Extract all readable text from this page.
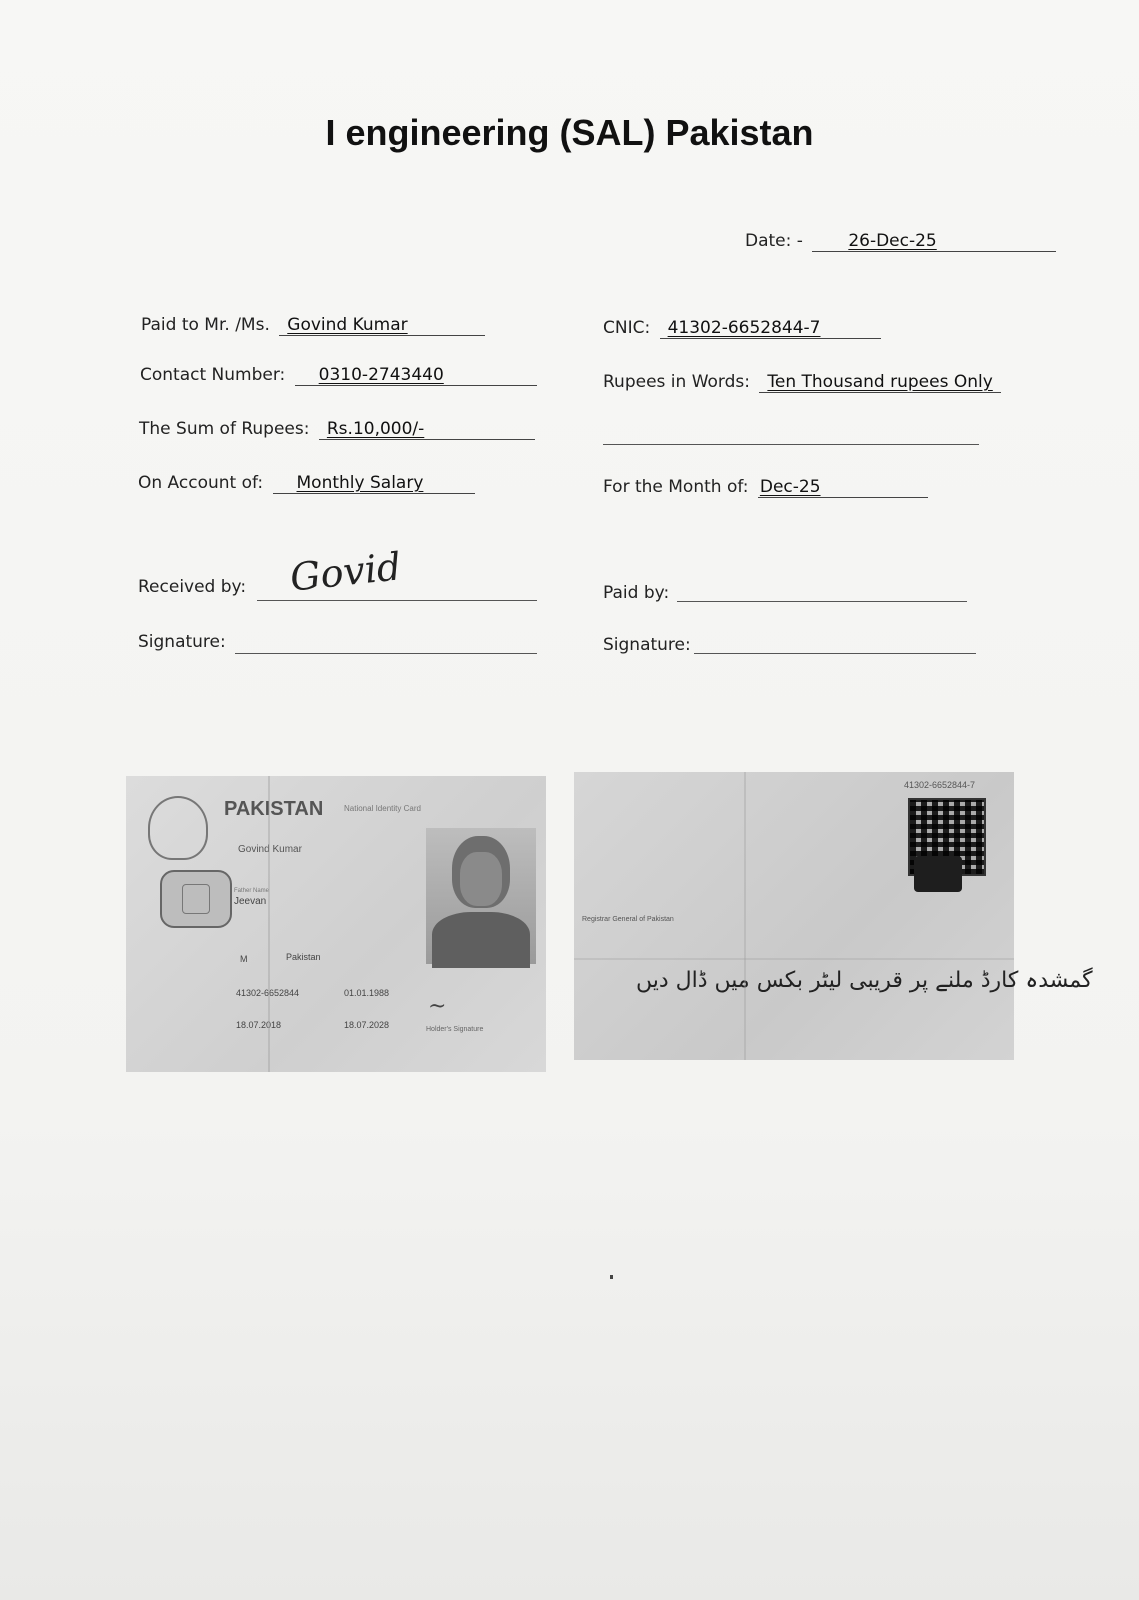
I engineering (SAL) Pakistan
Date: -	26-Dec-25
Paid to Mr. /Ms. Govind Kumar
Contact Number: 0310-2743440
The Sum of Rupees: Rs.10,000/-
On Account of: Monthly Salary
Received by: Govid
Signature:
CNIC: 41302-6652844-7
Rupees in Words: Ten Thousand rupees Only
For the Month of: Dec-25
Paid by:
Signature:
PAKISTAN	National Identity Card
Govind Kumar
Father Name
Jeevan
M	Pakistan
41302-6652844	01.01.1988
18.07.2018	18.07.2028
~
Holder's Signature
41302-6652844-7
Registrar General of Pakistan
گمشدہ کارڈ ملنے پر قریبی لیٹر بکس میں ڈال دیں
